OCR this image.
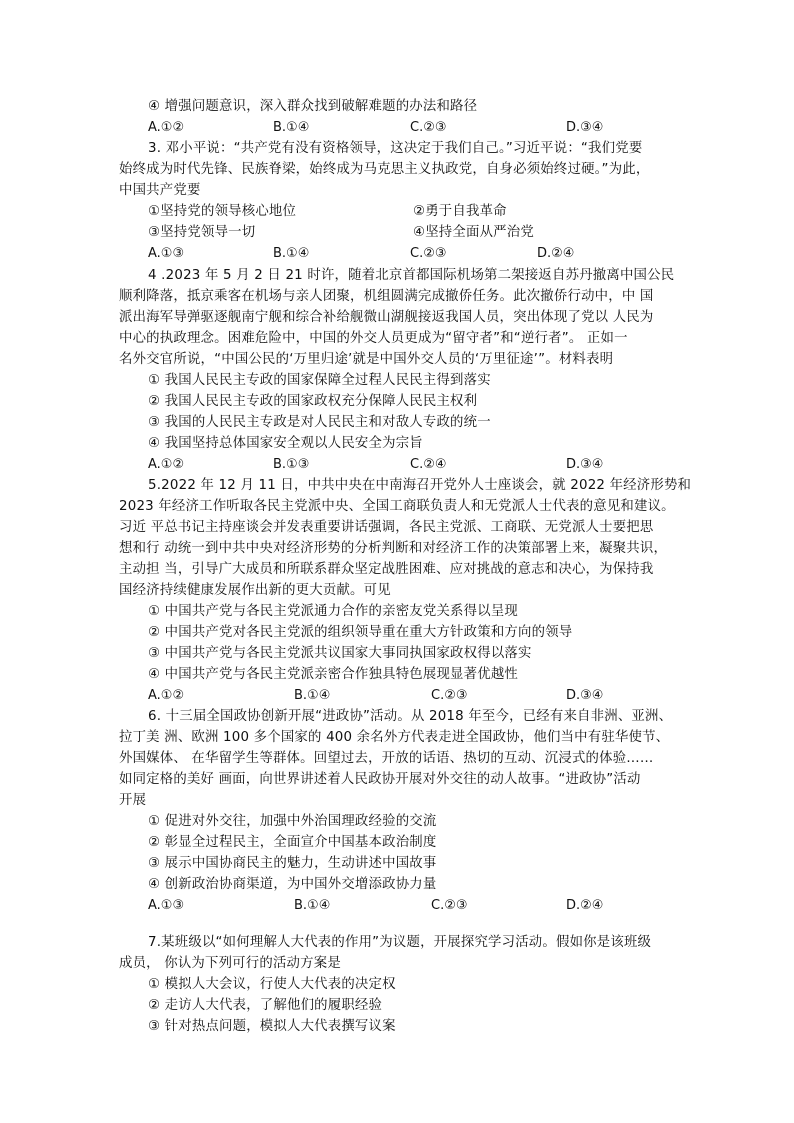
④ 增强问题意识，深入群众找到破解难题的办法和路径
A.①②	B.①④	C.②③	D.③④
3. 邓小平说：“共产党有没有资格领导，这决定于我们自己。”习近平说：“我们党要
始终成为时代先锋、民族脊梁，始终成为马克思主义执政党，自身必须始终过硬。”为此，
中国共产党要
①坚持党的领导核心地位	②勇于自我革命
③坚持党领导一切	④坚持全面从严治党
A.①③	B.①④	C.②③	D.②④
4 .2023 年 5 月 2 日 21 时许，随着北京首都国际机场第二架接返自苏丹撤离中国公民
顺利降落，抵京乘客在机场与亲人团聚，机组圆满完成撤侨任务。此次撤侨行动中，中 国
派出海军导弹驱逐舰南宁舰和综合补给舰微山湖舰接返我国人员，突出体现了党以 人民为
中心的执政理念。困难危险中，中国的外交人员更成为“留守者”和“逆行者”。 正如一
名外交官所说，“中国公民的‘万里归途’就是中国外交人员的‘万里征途’”。材料表明
① 我国人民民主专政的国家保障全过程人民民主得到落实
② 我国人民民主专政的国家政权充分保障人民民主权利
③ 我国的人民民主专政是对人民民主和对敌人专政的统一
④ 我国坚持总体国家安全观以人民安全为宗旨
A.①②	B.①③	C.②④	D.③④
5.2022 年 12 月 11 日，中共中央在中南海召开党外人士座谈会，就 2022 年经济形势和
2023 年经济工作听取各民主党派中央、全国工商联负责人和无党派人士代表的意见和建议。
习近 平总书记主持座谈会并发表重要讲话强调，各民主党派、工商联、无党派人士要把思
想和行 动统一到中共中央对经济形势的分析判断和对经济工作的决策部署上来，凝聚共识，
主动担 当，引导广大成员和所联系群众坚定战胜困难、应对挑战的意志和决心，为保持我
国经济持续健康发展作出新的更大贡献。可见
① 中国共产党与各民主党派通力合作的亲密友党关系得以呈现
② 中国共产党对各民主党派的组织领导重在重大方针政策和方向的领导
③ 中国共产党与各民主党派共议国家大事同执国家政权得以落实
④ 中国共产党与各民主党派亲密合作独具特色展现显著优越性
A.①②	B.①④	C.②③	D.③④
6. 十三届全国政协创新开展“进政协”活动。从 2018 年至今，已经有来自非洲、亚洲、
拉丁美 洲、欧洲 100 多个国家的 400 余名外方代表走进全国政协，他们当中有驻华使节、
外国媒体、 在华留学生等群体。回望过去，开放的话语、热切的互动、沉浸式的体验……
如同定格的美好 画面，向世界讲述着人民政协开展对外交往的动人故事。“进政协”活动
开展
① 促进对外交往，加强中外治国理政经验的交流
② 彰显全过程民主，全面宣介中国基本政治制度
③ 展示中国协商民主的魅力，生动讲述中国故事
④ 创新政治协商渠道，为中国外交增添政协力量
A.①③	B.①④	C.②③	D.②④
7.某班级以“如何理解人大代表的作用”为议题，开展探究学习活动。假如你是该班级
成员， 你认为下列可行的活动方案是
① 模拟人大会议，行使人大代表的决定权
② 走访人大代表，了解他们的履职经验
③ 针对热点问题，模拟人大代表撰写议案
